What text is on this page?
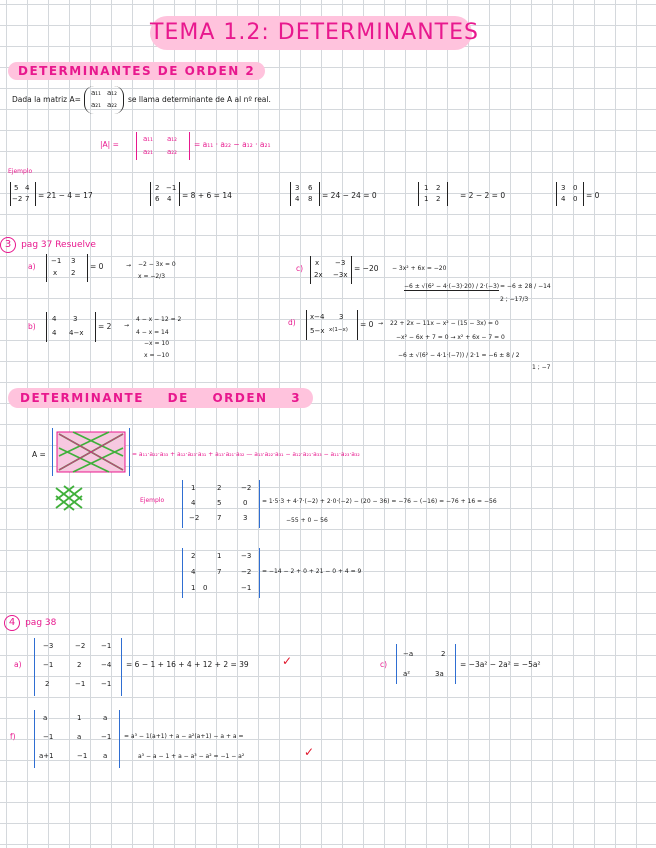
TEMA 1.2: DETERMINANTES
DETERMINANTES DE ORDEN 2
Dada la matriz A=
a₁₁ a₁₂
a₂₁ a₂₂
se llama determinante de A al nº real.
|A| =
a₁₁ a₁₂
a₂₁ a₂₂
= a₁₁ · a₂₂ − a₁₂ · a₂₁
Ejemplo
5 4
−2 7 = 21 − 4 = 17
2 −1
6 4 = 8 + 6 = 14
3 6
4 8 = 24 − 24 = 0
1 2
1 2	= 2 − 2 = 0
3 0
4 0 = 0
3 pag 37 Resuelve
a)
−1 3
x 2
= 0	→ −2 − 3x = 0
x = −2/3
c)
x −3
2x −3x
= −20 − 3x² + 6x = −20
−6 ± √(6² − 4·(−3)·20) / 2·(−3) = −6 ± 28 / −14
2 ; −17/3
b)
4 3
4 4−x
= 2 →
4 − x − 12 = 2
4 − x = 14
−x = 10
x = −10
d)
x−4 3
5−x x(1−x)
= 0 → 22 + 2x − 11x − x² − (15 − 3x) = 0
−x² − 6x + 7 = 0 → x² + 6x − 7 = 0
−6 ± √(6² − 4·1·(−7)) / 2·1 = −6 ± 8 / 2
1 ; −7
DETERMINANTE DE ORDEN 3
A =	= a₁₁·a₂₂·a₃₃ + a₁₂·a₂₃·a₃₁ + a₁₃·a₂₁·a₃₂ — a₁₃·a₂₂·a₃₁ − a₁₂·a₂₁·a₃₃ − a₁₁·a₂₃·a₃₂
Ejemplo
1	2	−2
4	5	0
−2	7	3
= 1·5·3 + 4·7·(−2) + 2·0·(−2) − (20 − 36) = −76 − (−16) = −76 + 16 = −56
−55 + 0 − 56
2	1	−3
4	7	−2
1 0	−1
= −14 − 2 + 0 + 21 − 0 + 4 = 9
4 pag 38
a)
−3	−2 −1
−1	2	−4
2	−1 −1
= 6 − 1 + 16 + 4 + 12 + 2 = 39	✓	c)
−a	2
a²	3a
= −3a² − 2a² = −5a²
f)
a	1	a
−1	a	−1
a+1	−1 a
= a³ − 1(a+1) + a − a²(a+1) − a + a =
a³ − a − 1 + a − a³ − a² = −1 − a²	✓
